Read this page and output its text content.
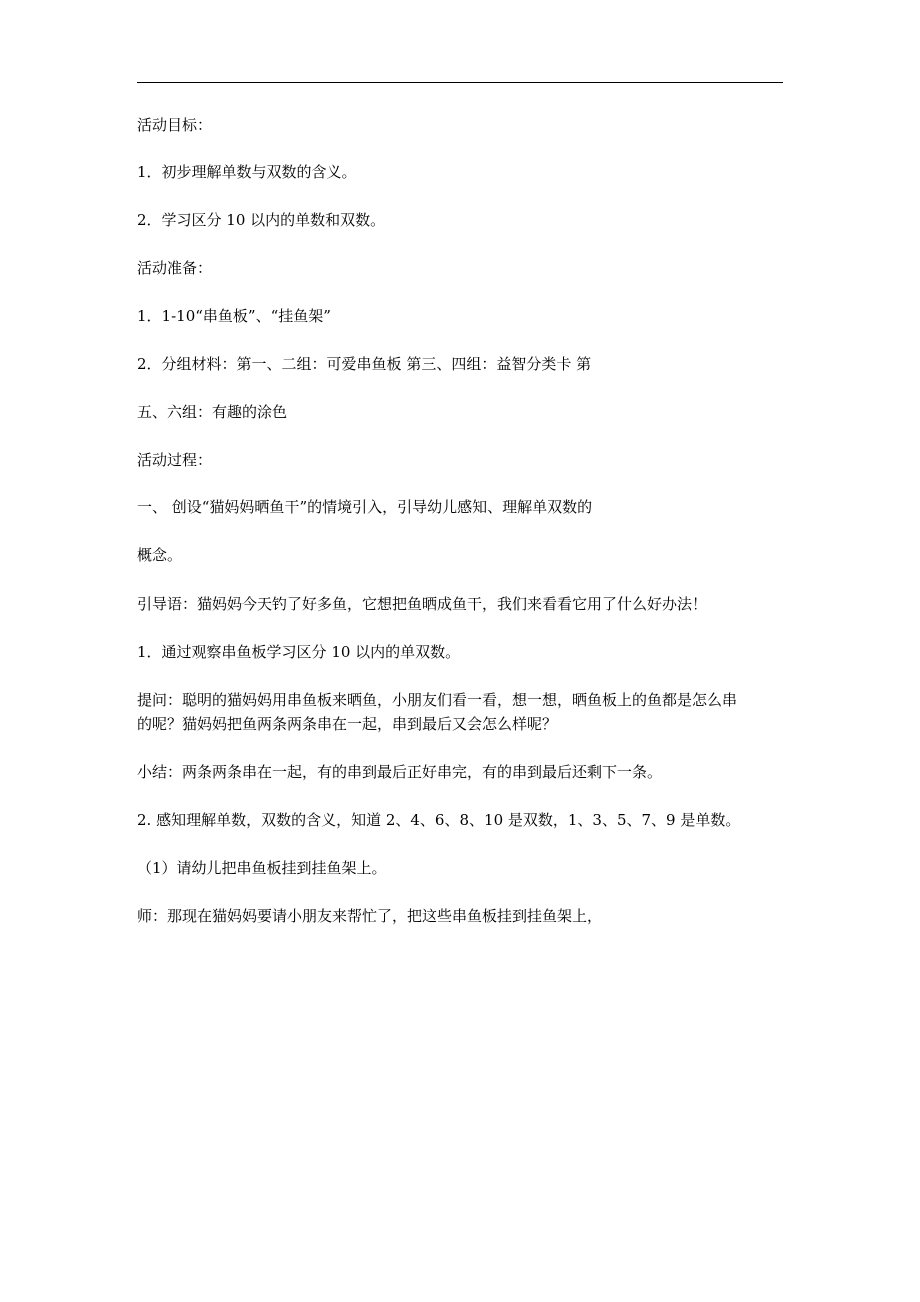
活动目标：
1．初步理解单数与双数的含义。
2．学习区分 10 以内的单数和双数。
活动准备：
1．1-10“串鱼板”、“挂鱼架”
2．分组材料：第一、二组：可爱串鱼板 第三、四组：益智分类卡 第
五、六组：有趣的涂色
活动过程：
一、 创设“猫妈妈晒鱼干”的情境引入，引导幼儿感知、理解单双数的
概念。
引导语：猫妈妈今天钓了好多鱼，它想把鱼晒成鱼干，我们来看看它用了什么好办法！
1．通过观察串鱼板学习区分 10 以内的单双数。
提问：聪明的猫妈妈用串鱼板来晒鱼，小朋友们看一看，想一想，晒鱼板上的鱼都是怎么串
的呢？猫妈妈把鱼两条两条串在一起，串到最后又会怎么样呢？
小结：两条两条串在一起，有的串到最后正好串完，有的串到最后还剩下一条。
2. 感知理解单数，双数的含义，知道 2、4、6、8、10 是双数，1、3、5、7、9 是单数。
（1）请幼儿把串鱼板挂到挂鱼架上。
师：那现在猫妈妈要请小朋友来帮忙了，把这些串鱼板挂到挂鱼架上，
